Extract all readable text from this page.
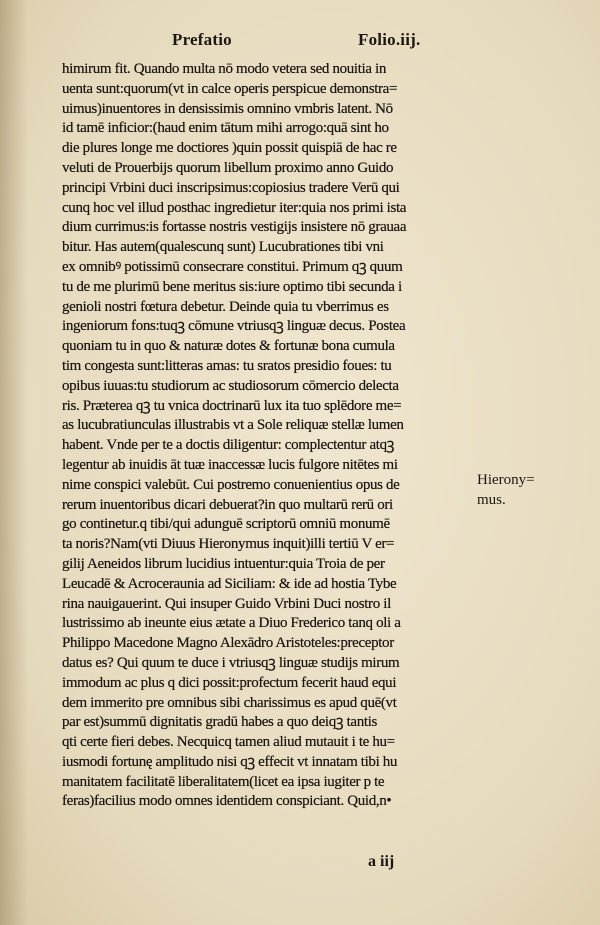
Prefatio	Folio.iij.
himirum fit. Quando multa nō modo vetera sed nouitia in
uenta sunt:quorum(vt in calce operis perspicue demonstra=
uimus)inuentores in densissimis omnino vmbris latent. Nō
id tamē inficior:(haud enim tātum mihi arrogo:quā sint ho
die plures longe me doctiores )quin possit quispiā de hac re
veluti de Prouerbijs quorum libellum proximo anno Guido
principi Vrbini duci inscripsimus:copiosius tradere Verū qui
cunq hoc vel illud posthac ingredietur iter:quia nos primi ista
dium currimus:is fortasse nostris vestigijs insistere nō grauaa
bitur. Has autem(qualescunq sunt) Lucubrationes tibi vni
ex omnibꝰ potissimū consecrare constitui. Primum qꝫ quum
tu de me plurimū bene meritus sis:iure optimo tibi secunda i
genioli nostri fœtura debetur. Deinde quia tu vberrimus es
ingeniorum fons:tuqꝫ cōmune vtriusqꝫ linguæ decus. Postea
quoniam tu in quo & naturæ dotes & fortunæ bona cumula
tim congesta sunt:litteras amas: tu sratos presidio foues: tu
opibus iuuas:tu studiorum ac studiosorum cōmercio delecta
ris. Præterea qꝫ tu vnica doctrinarū lux ita tuo splēdore me=
as lucubratiunculas illustrabis vt a Sole reliquæ stellæ lumen
habent. Vnde per te a doctis diligentur: complectentur atqꝫ
legentur ab inuidis āt tuæ inaccessæ lucis fulgore nitētes mi
nime conspici valebūt. Cui postremo conuenientius opus de
rerum inuentoribus dicari debuerat?in quo multarū rerū ori
go continetur.q tibi/qui adunguē scriptorū omniū monumē
ta noris?Nam(vti Diuus Hieronymus inquit)illi tertiū V er=
gilij Aeneidos librum lucidius intuentur:quia Troia de per
Leucadē & Acroceraunia ad Siciliam: & ide ad hostia Tybe
rina nauigauerint. Qui insuper Guido Vrbini Duci nostro il
lustrissimo ab ineunte eius ætate a Diuo Frederico tanq oli a
Philippo Macedone Magno Alexādro Aristoteles:preceptor
datus es? Qui quum te duce i vtriusqꝫ linguæ studijs mirum
immodum ac plus q dici possit:profectum fecerit haud equi
dem immerito pre omnibus sibi charissimus es apud quē(vt
par est)summū dignitatis gradū habes a quo deiqꝫ tantis
qti certe fieri debes. Necquicq tamen aliud mutauit i te hu=
iusmodi fortunę amplitudo nisi qꝫ effecit vt innatam tibi hu
manitatem facilitatē liberalitatem(licet ea ipsa iugiter p te
feras)facilius modo omnes identidem conspiciant. Quid,n•
Hierony=
mus.
a iij
